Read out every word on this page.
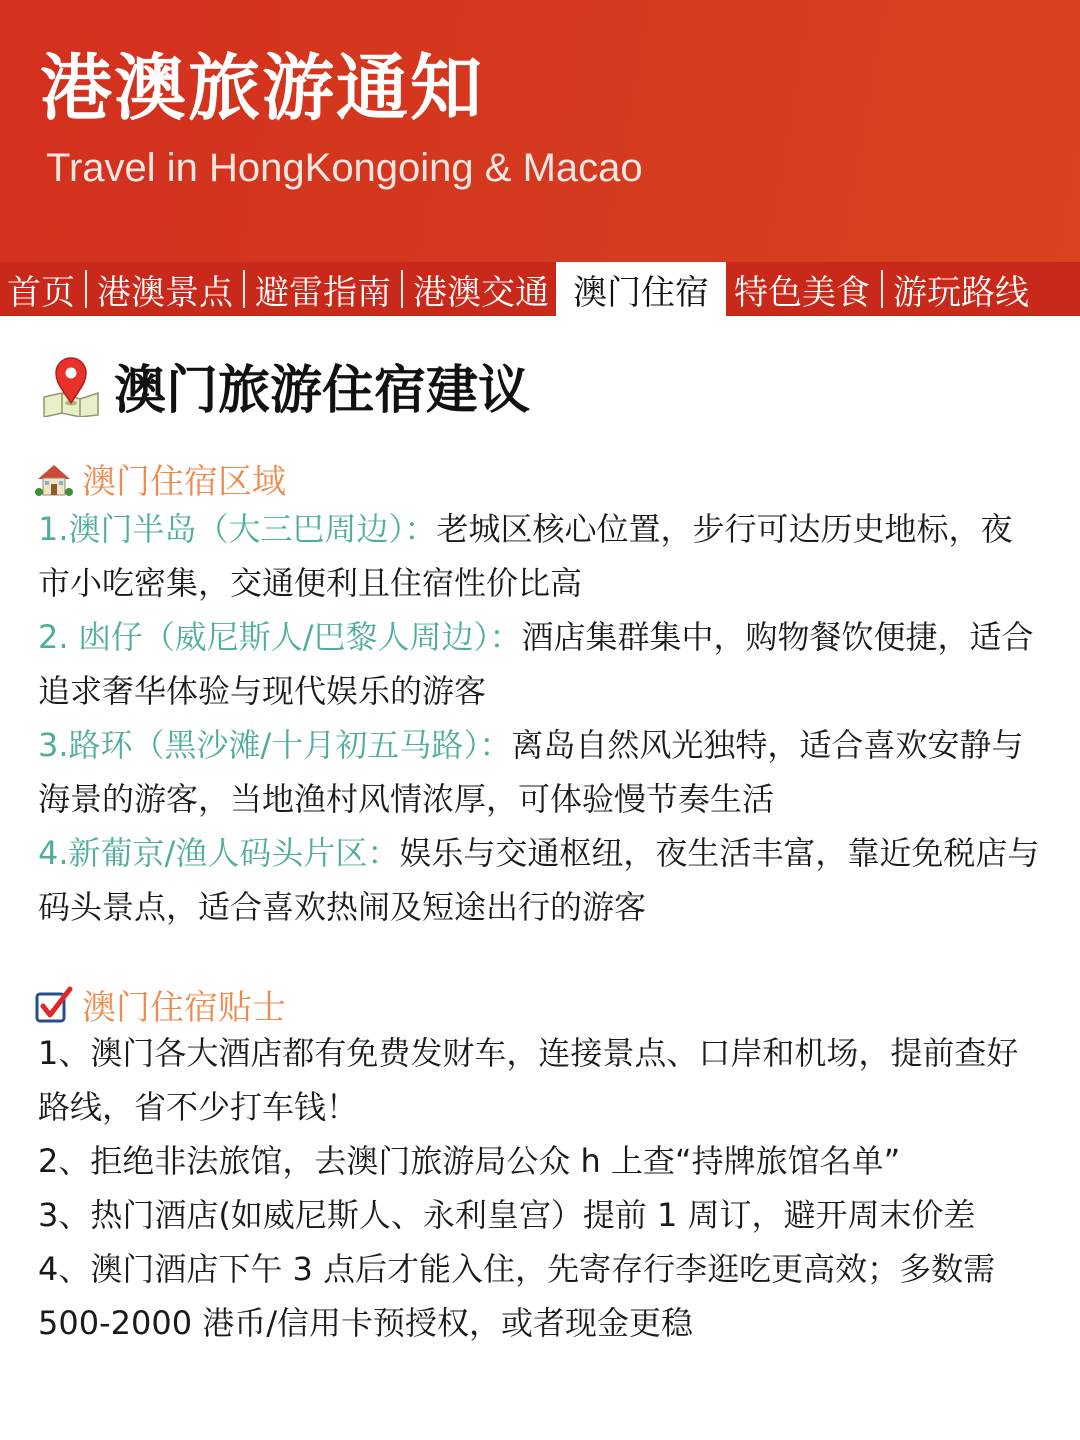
港澳旅游通知
Travel in HongKongoing & Macao
首页 港澳景点 避雷指南 港澳交通 澳门住宿 特色美食 游玩路线
澳门旅游住宿建议
澳门住宿区域

1.澳门半岛（大三巴周边）：老城区核心位置，步行可达历史地标，夜市小吃密集，交通便利且住宿性价比高

2. 凼仔（威尼斯人/巴黎人周边）：酒店集群集中，购物餐饮便捷，适合追求奢华体验与现代娱乐的游客

3.路环（黑沙滩/十月初五马路）：离岛自然风光独特，适合喜欢安静与海景的游客，当地渔村风情浓厚，可体验慢节奏生活

4.新葡京/渔人码头片区：娱乐与交通枢纽，夜生活丰富，靠近免税店与码头景点，适合喜欢热闹及短途出行的游客

澳门住宿贴士

1、澳门各大酒店都有免费发财车，连接景点、口岸和机场，提前查好路线，省不少打车钱！

2、拒绝非法旅馆，去澳门旅游局公众 h 上查“持牌旅馆名单”

3、热门酒店(如威尼斯人、永利皇宫）提前 1 周订，避开周末价差

4、澳门酒店下午 3 点后才能入住，先寄存行李逛吃更高效；多数需 500-2000 港币/信用卡预授权，或者现金更稳
